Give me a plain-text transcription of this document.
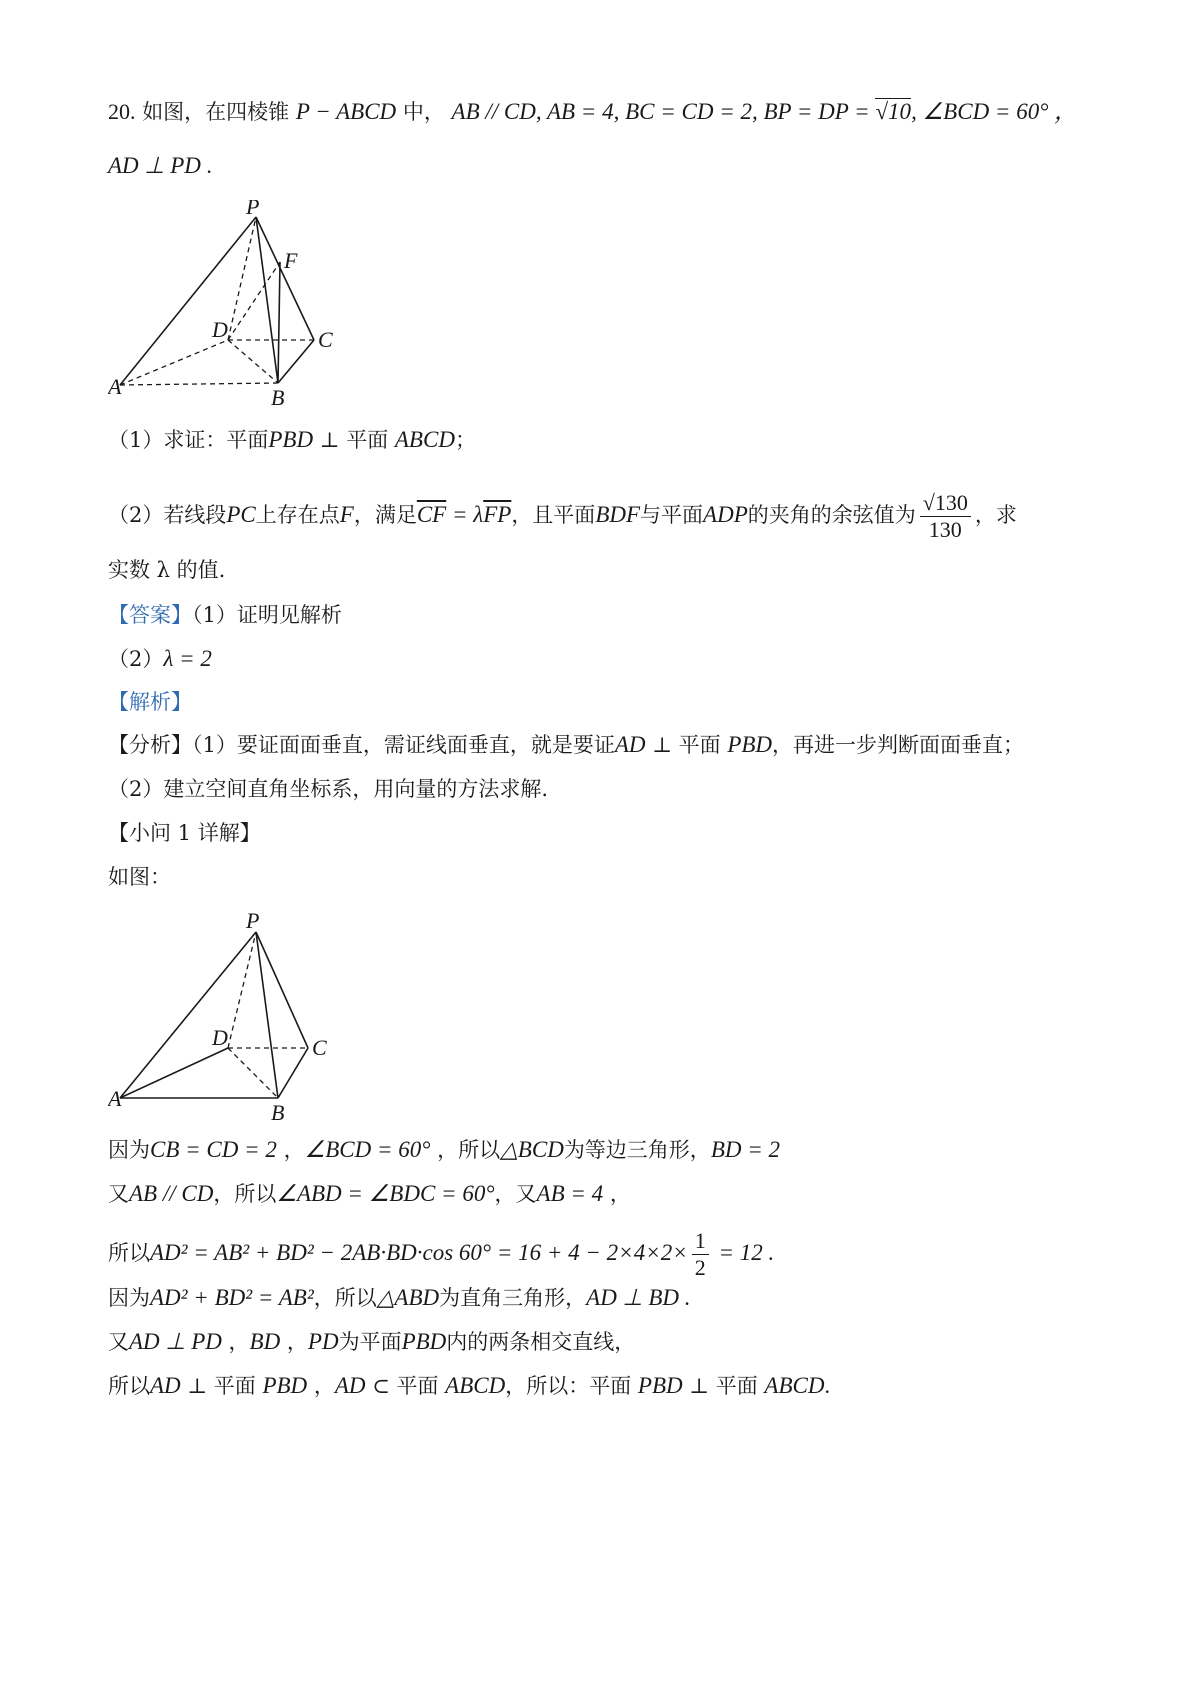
20. 如图，在四棱锥 P − ABCD 中， AB // CD, AB = 4, BC = CD = 2, BP = DP = √10, ∠BCD = 60° ，
AD ⊥ PD .
P
F
D	C
A	B
（1）求证：平面PBD ⊥ 平面 ABCD；
（2）若线段PC上存在点F，满足$\overline{CF} = \lambda\overline{FP}$，且平面BDF与平面ADP的夹角的余弦值为 $\frac{√130}{130}$ ，求
实数 λ 的值.
【答案】（1）证明见解析
（2）λ = 2
【解析】
【分析】（1）要证面面垂直，需证线面垂直，就是要证AD ⊥ 平面 PBD，再进一步判断面面垂直；
（2）建立空间直角坐标系，用向量的方法求解.
【小问 1 详解】
如图：
P
D	C
A
B
因为CB = CD = 2 ，∠BCD = 60° ，所以△BCD为等边三角形，BD = 2
又AB // CD，所以∠ABD = ∠BDC = 60°，又AB = 4 ，
所以AD² = AB² + BD² − 2AB·BD·cos $60^\circ = 16 + 4 - 2\times 4\times 2\times \frac{1}{2} = 12$ .
因为AD² + BD² = AB²，所以△ABD为直角三角形，AD ⊥ BD .
又AD ⊥ PD ，BD ，PD为平面PBD内的两条相交直线，
所以AD ⊥ 平面 PBD ，AD ⊂ 平面 ABCD，所以：平面 PBD ⊥ 平面 ABCD.
